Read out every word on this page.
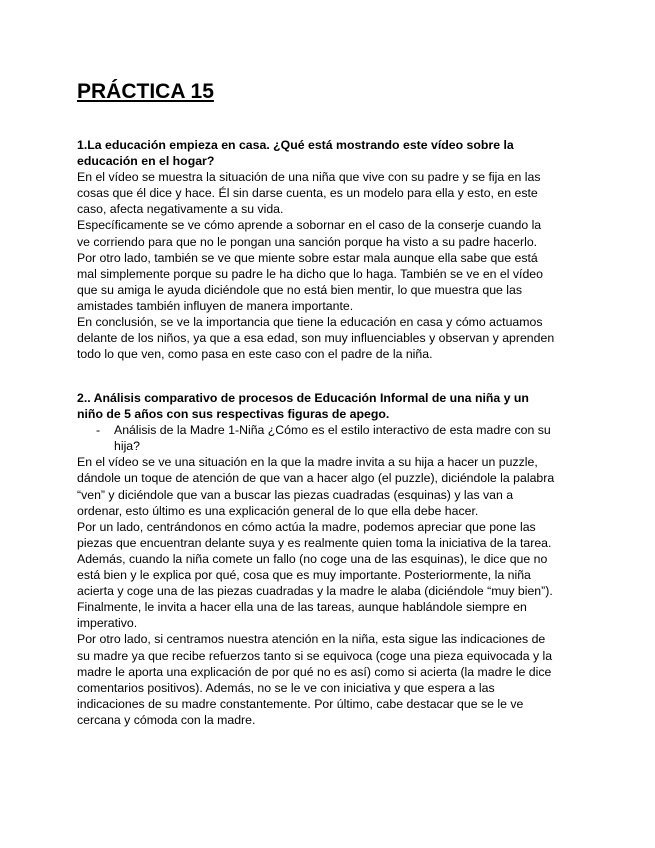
PRÁCTICA 15
1.La educación empieza en casa. ¿Qué está mostrando este vídeo sobre la
educación en el hogar?
En el vídeo se muestra la situación de una niña que vive con su padre y se fija en las
cosas que él dice y hace. Él sin darse cuenta, es un modelo para ella y esto, en este
caso, afecta negativamente a su vida.
Específicamente se ve cómo aprende a sobornar en el caso de la conserje cuando la
ve corriendo para que no le pongan una sanción porque ha visto a su padre hacerlo.
Por otro lado, también se ve que miente sobre estar mala aunque ella sabe que está
mal simplemente porque su padre le ha dicho que lo haga. También se ve en el vídeo
que su amiga le ayuda diciéndole que no está bien mentir, lo que muestra que las
amistades también influyen de manera importante.
En conclusión, se ve la importancia que tiene la educación en casa y cómo actuamos
delante de los niños, ya que a esa edad, son muy influenciables y observan y aprenden
todo lo que ven, como pasa en este caso con el padre de la niña.
2.. Análisis comparativo de procesos de Educación Informal de una niña y un
niño de 5 años con sus respectivas figuras de apego.
- Análisis de la Madre 1-Niña ¿Cómo es el estilo interactivo de esta madre con su
hija?
En el vídeo se ve una situación en la que la madre invita a su hija a hacer un puzzle,
dándole un toque de atención de que van a hacer algo (el puzzle), diciéndole la palabra
“ven” y diciéndole que van a buscar las piezas cuadradas (esquinas) y las van a
ordenar, esto último es una explicación general de lo que ella debe hacer.
Por un lado, centrándonos en cómo actúa la madre, podemos apreciar que pone las
piezas que encuentran delante suya y es realmente quien toma la iniciativa de la tarea.
Además, cuando la niña comete un fallo (no coge una de las esquinas), le dice que no
está bien y le explica por qué, cosa que es muy importante. Posteriormente, la niña
acierta y coge una de las piezas cuadradas y la madre le alaba (diciéndole “muy bien”).
Finalmente, le invita a hacer ella una de las tareas, aunque hablándole siempre en
imperativo.
Por otro lado, si centramos nuestra atención en la niña, esta sigue las indicaciones de
su madre ya que recibe refuerzos tanto si se equivoca (coge una pieza equivocada y la
madre le aporta una explicación de por qué no es así) como si acierta (la madre le dice
comentarios positivos). Además, no se le ve con iniciativa y que espera a las
indicaciones de su madre constantemente. Por último, cabe destacar que se le ve
cercana y cómoda con la madre.
